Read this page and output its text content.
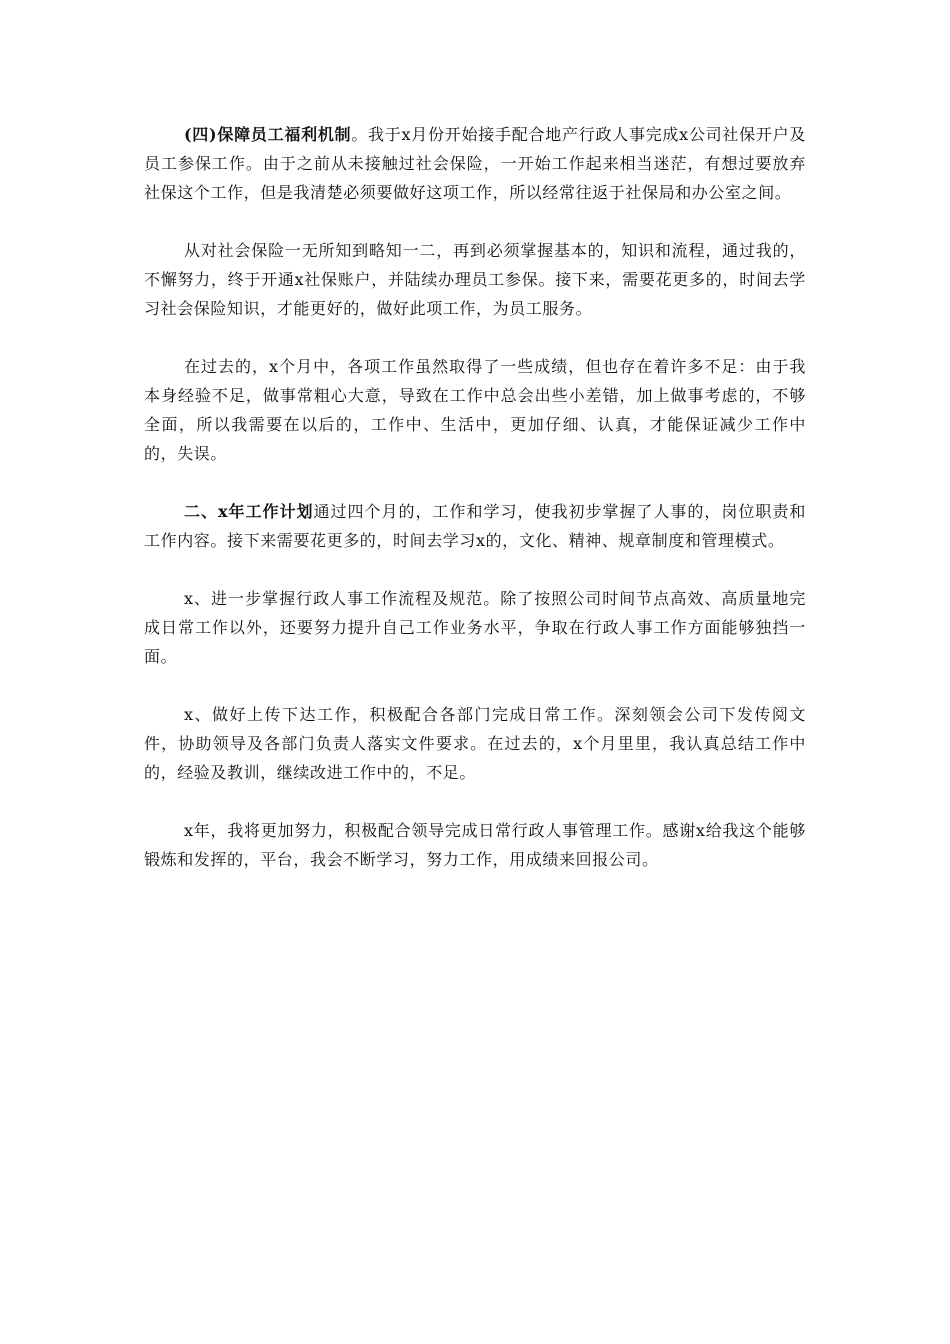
(四)保障员工福利机制。我于x月份开始接手配合地产行政人事完成x公司社保开户及员工参保工作。由于之前从未接触过社会保险，一开始工作起来相当迷茫，有想过要放弃社保这个工作，但是我清楚必须要做好这项工作，所以经常往返于社保局和办公室之间。

从对社会保险一无所知到略知一二，再到必须掌握基本的，知识和流程，通过我的，不懈努力，终于开通x社保账户，并陆续办理员工参保。接下来，需要花更多的，时间去学习社会保险知识，才能更好的，做好此项工作，为员工服务。

在过去的，x个月中，各项工作虽然取得了一些成绩，但也存在着许多不足：由于我本身经验不足，做事常粗心大意，导致在工作中总会出些小差错，加上做事考虑的，不够全面，所以我需要在以后的，工作中、生活中，更加仔细、认真，才能保证减少工作中的，失误。

二、x年工作计划通过四个月的，工作和学习，使我初步掌握了人事的，岗位职责和工作内容。接下来需要花更多的，时间去学习x的，文化、精神、规章制度和管理模式。

x、进一步掌握行政人事工作流程及规范。除了按照公司时间节点高效、高质量地完成日常工作以外，还要努力提升自己工作业务水平，争取在行政人事工作方面能够独挡一面。

x、做好上传下达工作，积极配合各部门完成日常工作。深刻领会公司下发传阅文件，协助领导及各部门负责人落实文件要求。在过去的，x个月里里，我认真总结工作中的，经验及教训，继续改进工作中的，不足。

x年，我将更加努力，积极配合领导完成日常行政人事管理工作。感谢x给我这个能够锻炼和发挥的，平台，我会不断学习，努力工作，用成绩来回报公司。
